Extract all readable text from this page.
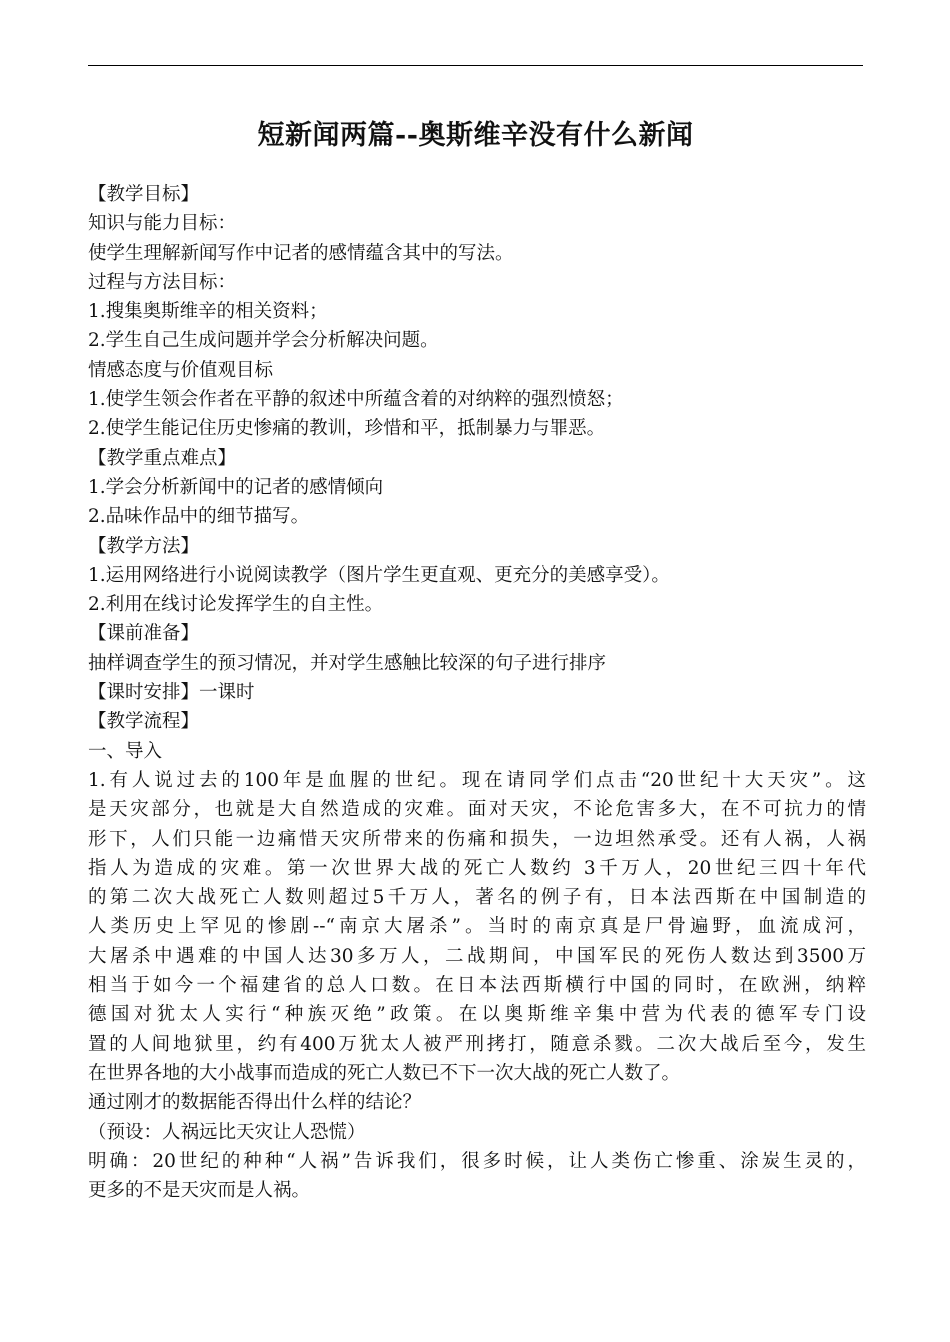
短新闻两篇--奥斯维辛没有什么新闻
【教学目标】
知识与能力目标：
使学生理解新闻写作中记者的感情蕴含其中的写法。
过程与方法目标：
1.搜集奥斯维辛的相关资料；
2.学生自己生成问题并学会分析解决问题。
情感态度与价值观目标
1.使学生领会作者在平静的叙述中所蕴含着的对纳粹的强烈愤怒；
2.使学生能记住历史惨痛的教训，珍惜和平，抵制暴力与罪恶。
【教学重点难点】
1.学会分析新闻中的记者的感情倾向
2.品味作品中的细节描写。
【教学方法】
1.运用网络进行小说阅读教学（图片学生更直观、更充分的美感享受）。
2.利用在线讨论发挥学生的自主性。
【课前准备】
抽样调查学生的预习情况，并对学生感触比较深的句子进行排序
【课时安排】一课时
【教学流程】
一、导入
1.有人说过去的100年是血腥的世纪。现在请同学们点击“20世纪十大天灾”。这
是天灾部分，也就是大自然造成的灾难。面对天灾，不论危害多大，在不可抗力的情
形下，人们只能一边痛惜天灾所带来的伤痛和损失，一边坦然承受。还有人祸，人祸
指人为造成的灾难。第一次世界大战的死亡人数约 3千万人，20世纪三四十年代
的第二次大战死亡人数则超过5千万人，著名的例子有，日本法西斯在中国制造的
人类历史上罕见的惨剧--“南京大屠杀”。当时的南京真是尸骨遍野，血流成河，
大屠杀中遇难的中国人达30多万人，二战期间，中国军民的死伤人数达到3500万
相当于如今一个福建省的总人口数。在日本法西斯横行中国的同时，在欧洲，纳粹
德国对犹太人实行“种族灭绝”政策。在以奥斯维辛集中营为代表的德军专门设
置的人间地狱里，约有400万犹太人被严刑拷打，随意杀戮。二次大战后至今，发生
在世界各地的大小战事而造成的死亡人数已不下一次大战的死亡人数了。
通过刚才的数据能否得出什么样的结论？
（预设：人祸远比天灾让人恐慌）
明确：20世纪的种种“人祸”告诉我们，很多时候，让人类伤亡惨重、涂炭生灵的，
更多的不是天灾而是人祸。
